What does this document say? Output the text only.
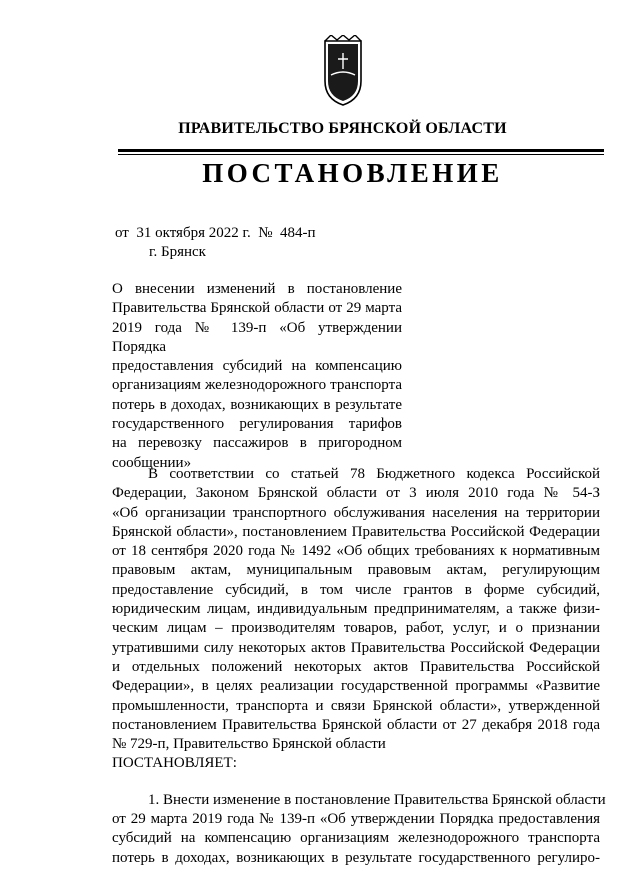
ПРАВИТЕЛЬСТВО БРЯНСКОЙ ОБЛАСТИ
ПОСТАНОВЛЕНИЕ
от  31 октября 2022 г.  №  484-п
г. Брянск
О внесении изменений в постановление
Правительства Брянской области от 29 марта
2019 года № 139-п «Об утверждении Порядка
предоставления субсидий на компенсацию
организациям железнодорожного транспорта
потерь в доходах, возникающих в результате
государственного регулирования тарифов
на перевозку пассажиров в пригородном
сообщении»
В соответствии со статьей 78 Бюджетного кодекса Российской
Федерации, Законом Брянской области от 3 июля 2010 года № 54-З
«Об организации транспортного обслуживания населения на территории
Брянской области», постановлением Правительства Российской Федерации
от 18 сентября 2020 года № 1492 «Об общих требованиях к нормативным
правовым актам, муниципальным правовым актам, регулирующим
предоставление субсидий, в том числе грантов в форме субсидий,
юридическим лицам, индивидуальным предпринимателям, а также физи-
ческим лицам – производителям товаров, работ, услуг, и о признании
утратившими силу некоторых актов Правительства Российской Федерации
и отдельных положений некоторых актов Правительства Российской
Федерации», в целях реализации государственной программы «Развитие
промышленности, транспорта и связи Брянской области», утвержденной
постановлением Правительства Брянской области от 27 декабря 2018 года
№ 729-п, Правительство Брянской области
ПОСТАНОВЛЯЕТ:
1. Внести изменение в постановление Правительства Брянской области
от 29 марта 2019 года № 139-п «Об утверждении Порядка предоставления
субсидий на компенсацию организациям железнодорожного транспорта
потерь в доходах, возникающих в результате государственного регулиро-
